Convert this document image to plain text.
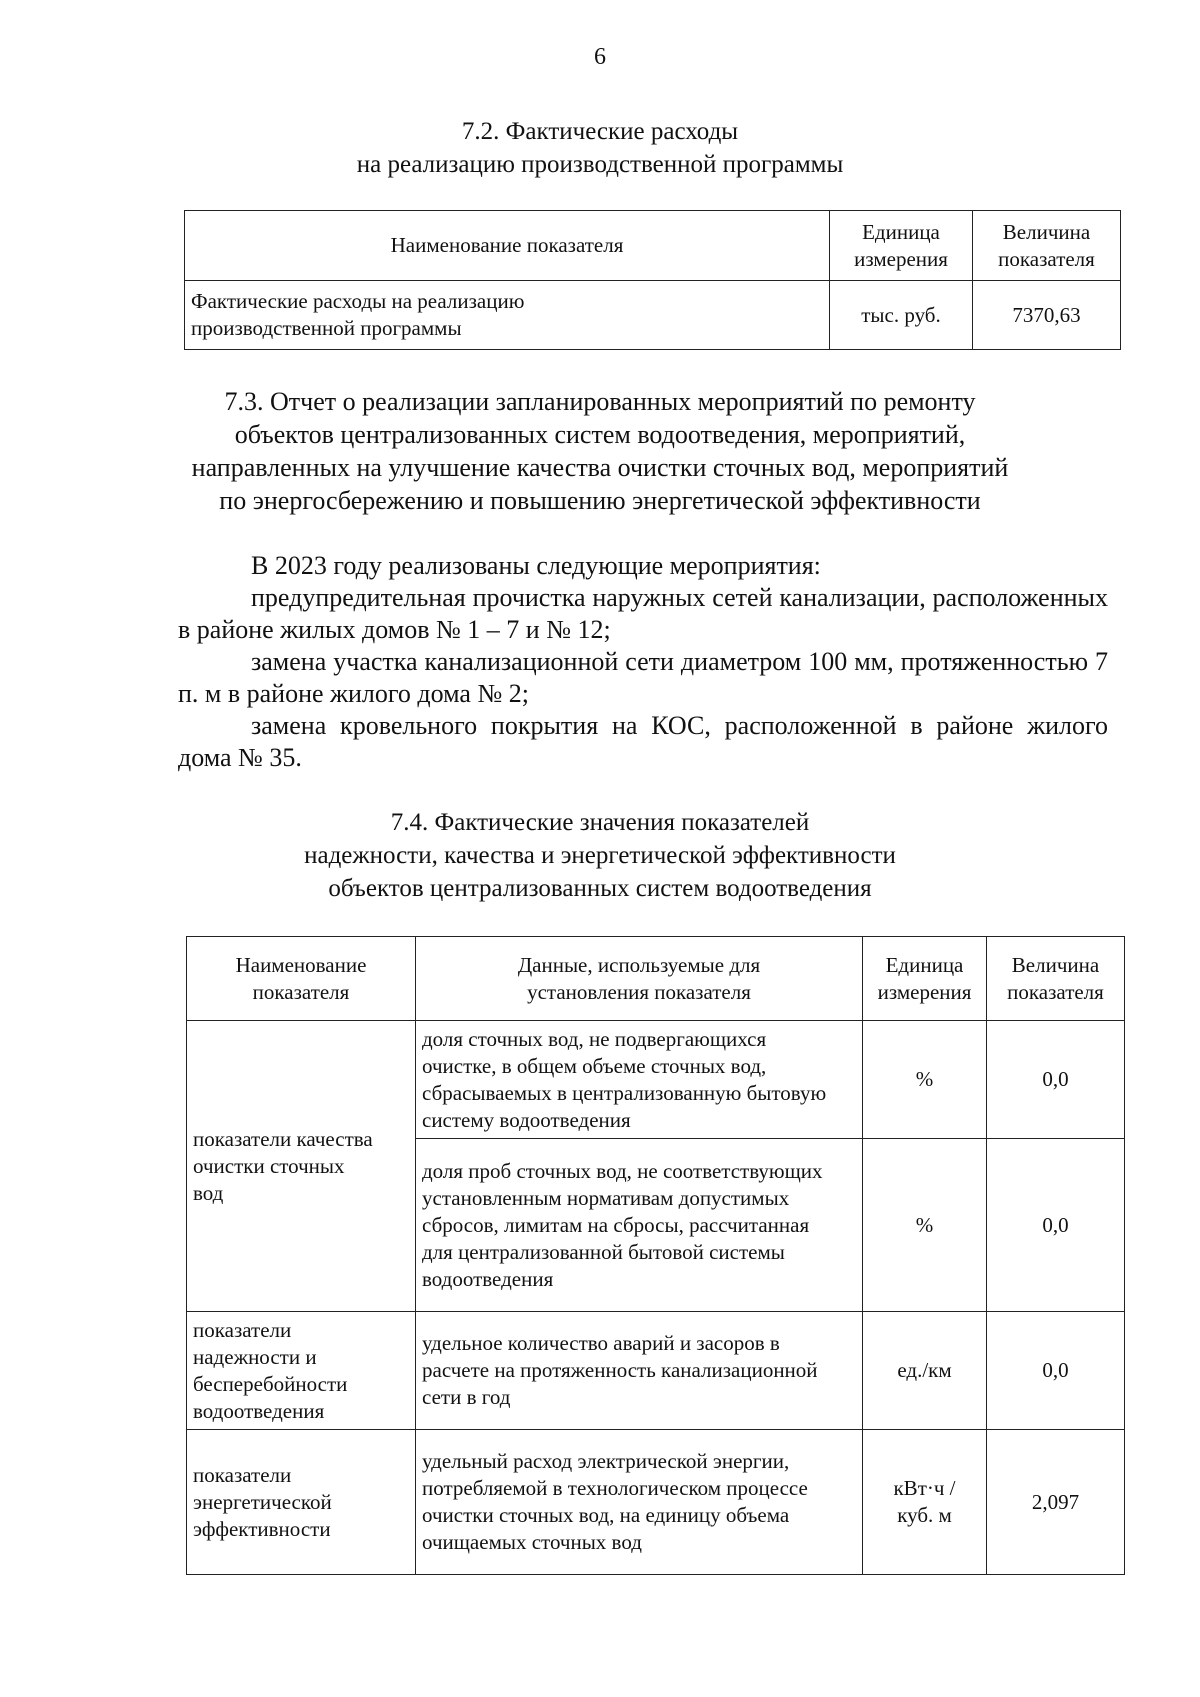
6
7.2. Фактические расходы
на реализацию производственной программы
Наименование показателя	Единица измерения	Величина показателя
Фактические расходы на реализацию производственной программы	тыс. руб.	7370,63
7.3. Отчет о реализации запланированных мероприятий по ремонту
объектов централизованных систем водоотведения, мероприятий,
направленных на улучшение качества очистки сточных вод, мероприятий
по энергосбережению и повышению энергетической эффективности
В 2023 году реализованы следующие мероприятия:
предупредительная прочистка наружных сетей канализации, расположенных в районе жилых домов № 1 – 7 и № 12;
замена участка канализационной сети диаметром 100 мм, протяженностью 7 п. м в районе жилого дома № 2;
замена кровельного покрытия на КОС, расположенной в районе жилого дома № 35.
7.4. Фактические значения показателей
надежности, качества и энергетической эффективности
объектов централизованных систем водоотведения
Наименование показателя	Данные, используемые для установления показателя	Единица измерения	Величина показателя
показатели качества очистки сточных вод	доля сточных вод, не подвергающихся очистке, в общем объеме сточных вод, сбрасываемых в централизованную бытовую систему водоотведения	%	0,0
	доля проб сточных вод, не соответствующих установленным нормативам допустимых сбросов, лимитам на сбросы, рассчитанная для централизованной бытовой системы водоотведения	%	0,0
показатели надежности и бесперебойности водоотведения	удельное количество аварий и засоров в расчете на протяженность канализационной сети в год	ед./км	0,0
показатели энергетической эффективности	удельный расход электрической энергии, потребляемой в технологическом процессе очистки сточных вод, на единицу объема очищаемых сточных вод	кВт·ч / куб. м	2,097
